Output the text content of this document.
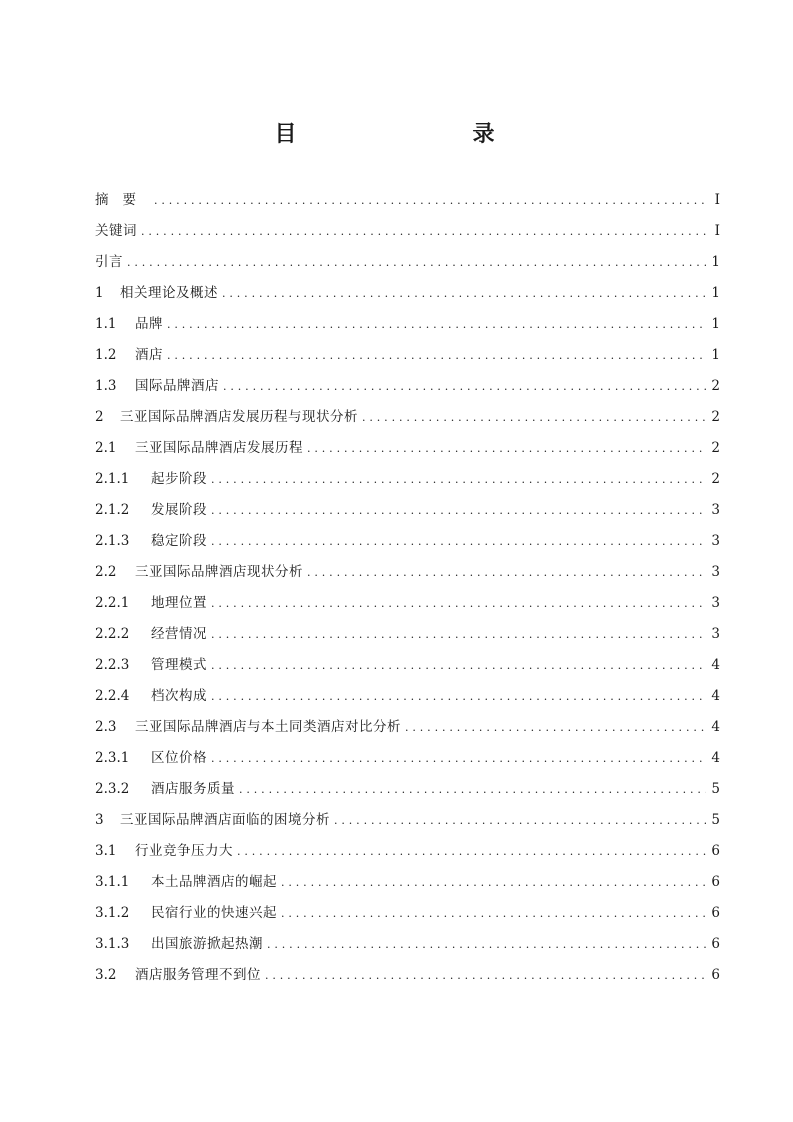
目　　录
摘要 . . .	I
关键词 . . .	I
引言 . . .	1
1	相关理论及概述 . . .	1
1.1	品牌 . . .	1
1.2	酒店 . . .	1
1.3	国际品牌酒店 . . .	2
2	三亚国际品牌酒店发展历程与现状分析 . . .	2
2.1	三亚国际品牌酒店发展历程 . . .	2
2.1.1	起步阶段 . . .	2
2.1.2	发展阶段 . . .	3
2.1.3	稳定阶段 . . .	3
2.2	三亚国际品牌酒店现状分析 . . .	3
2.2.1	地理位置 . . .	3
2.2.2	经营情况 . . .	3
2.2.3	管理模式 . . .	4
2.2.4	档次构成 . . .	4
2.3	三亚国际品牌酒店与本土同类酒店对比分析 . . .	4
2.3.1	区位价格 . . .	4
2.3.2	酒店服务质量 . . .	5
3	三亚国际品牌酒店面临的困境分析 . . .	5
3.1	行业竞争压力大 . . .	6
3.1.1	本土品牌酒店的崛起 . . .	6
3.1.2	民宿行业的快速兴起 . . .	6
3.1.3	出国旅游掀起热潮 . . .	6
3.2	酒店服务管理不到位 . . .	6
